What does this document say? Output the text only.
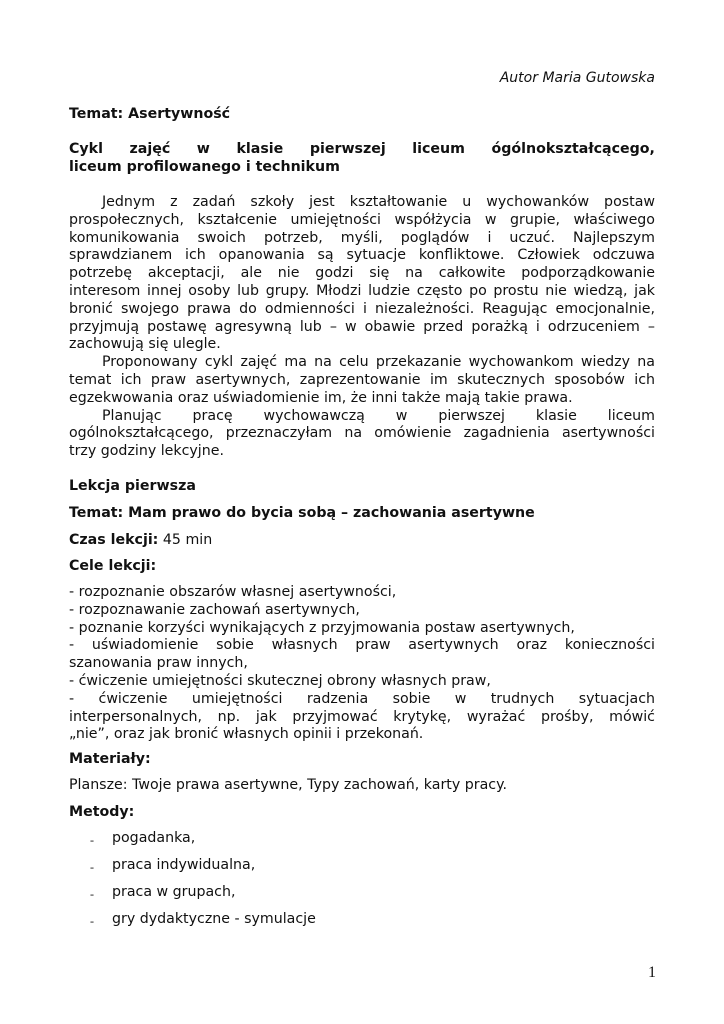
Autor Maria Gutowska
Temat: Asertywność
Cykl zajęć w klasie pierwszej liceum ógólnokształcącego,
liceum profilowanego i technikum
Jednym z zadań szkoły jest kształtowanie u wychowanków postaw
prospołecznych, kształcenie umiejętności współżycia w grupie, właściwego
komunikowania swoich potrzeb, myśli, poglądów i uczuć. Najlepszym
sprawdzianem ich opanowania są sytuacje konfliktowe. Człowiek odczuwa
potrzebę akceptacji, ale nie godzi się na całkowite podporządkowanie
interesom innej osoby lub grupy. Młodzi ludzie często po prostu nie wiedzą, jak
bronić swojego prawa do odmienności i niezależności. Reagując emocjonalnie,
przyjmują postawę agresywną lub – w obawie przed porażką i odrzuceniem –
zachowują się ulegle.
Proponowany cykl zajęć ma na celu przekazanie wychowankom wiedzy na
temat ich praw asertywnych, zaprezentowanie im skutecznych sposobów ich
egzekwowania oraz uświadomienie im, że inni także mają takie prawa.
Planując pracę wychowawczą w pierwszej klasie liceum
ogólnokształcącego, przeznaczyłam na omówienie zagadnienia asertywności
trzy godziny lekcyjne.
Lekcja pierwsza
Temat: Mam prawo do bycia sobą – zachowania asertywne
Czas lekcji: 45 min
Cele lekcji:
- rozpoznanie obszarów własnej asertywności,
- rozpoznawanie zachowań asertywnych,
- poznanie korzyści wynikających z przyjmowania postaw asertywnych,
- uświadomienie sobie własnych praw asertywnych oraz konieczności
szanowania praw innych,
- ćwiczenie umiejętności skutecznej obrony własnych praw,
- ćwiczenie umiejętności radzenia sobie w trudnych sytuacjach
interpersonalnych, np. jak przyjmować krytykę, wyrażać prośby, mówić
„nie”, oraz jak bronić własnych opinii i przekonań.
Materiały:
Plansze: Twoje prawa asertywne, Typy zachowań, karty pracy.
Metody:
- pogadanka,
- praca indywidualna,
- praca w grupach,
- gry dydaktyczne - symulacje
1
